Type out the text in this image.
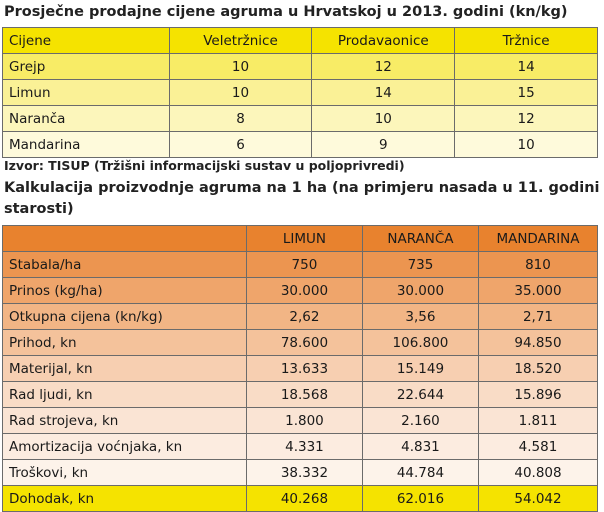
Prosječne prodajne cijene agruma u Hrvatskoj u 2013. godini (kn/kg)
Cijene	Veletržnice	Prodavaonice	Tržnice
Grejp	10	12	14
Limun	10	14	15
Naranča	8	10	12
Mandarina	6	9	10
Izvor: TISUP (Tržišni informacijski sustav u poljoprivredi)
Kalkulacija proizvodnje agruma na 1 ha (na primjeru nasada u 11. godini starosti)
	LIMUN	NARANČA	MANDARINA
Stabala/ha	750	735	810
Prinos (kg/ha)	30.000	30.000	35.000
Otkupna cijena (kn/kg)	2,62	3,56	2,71
Prihod, kn	78.600	106.800	94.850
Materijal, kn	13.633	15.149	18.520
Rad ljudi, kn	18.568	22.644	15.896
Rad strojeva, kn	1.800	2.160	1.811
Amortizacija voćnjaka, kn	4.331	4.831	4.581
Troškovi, kn	38.332	44.784	40.808
Dohodak, kn	40.268	62.016	54.042
